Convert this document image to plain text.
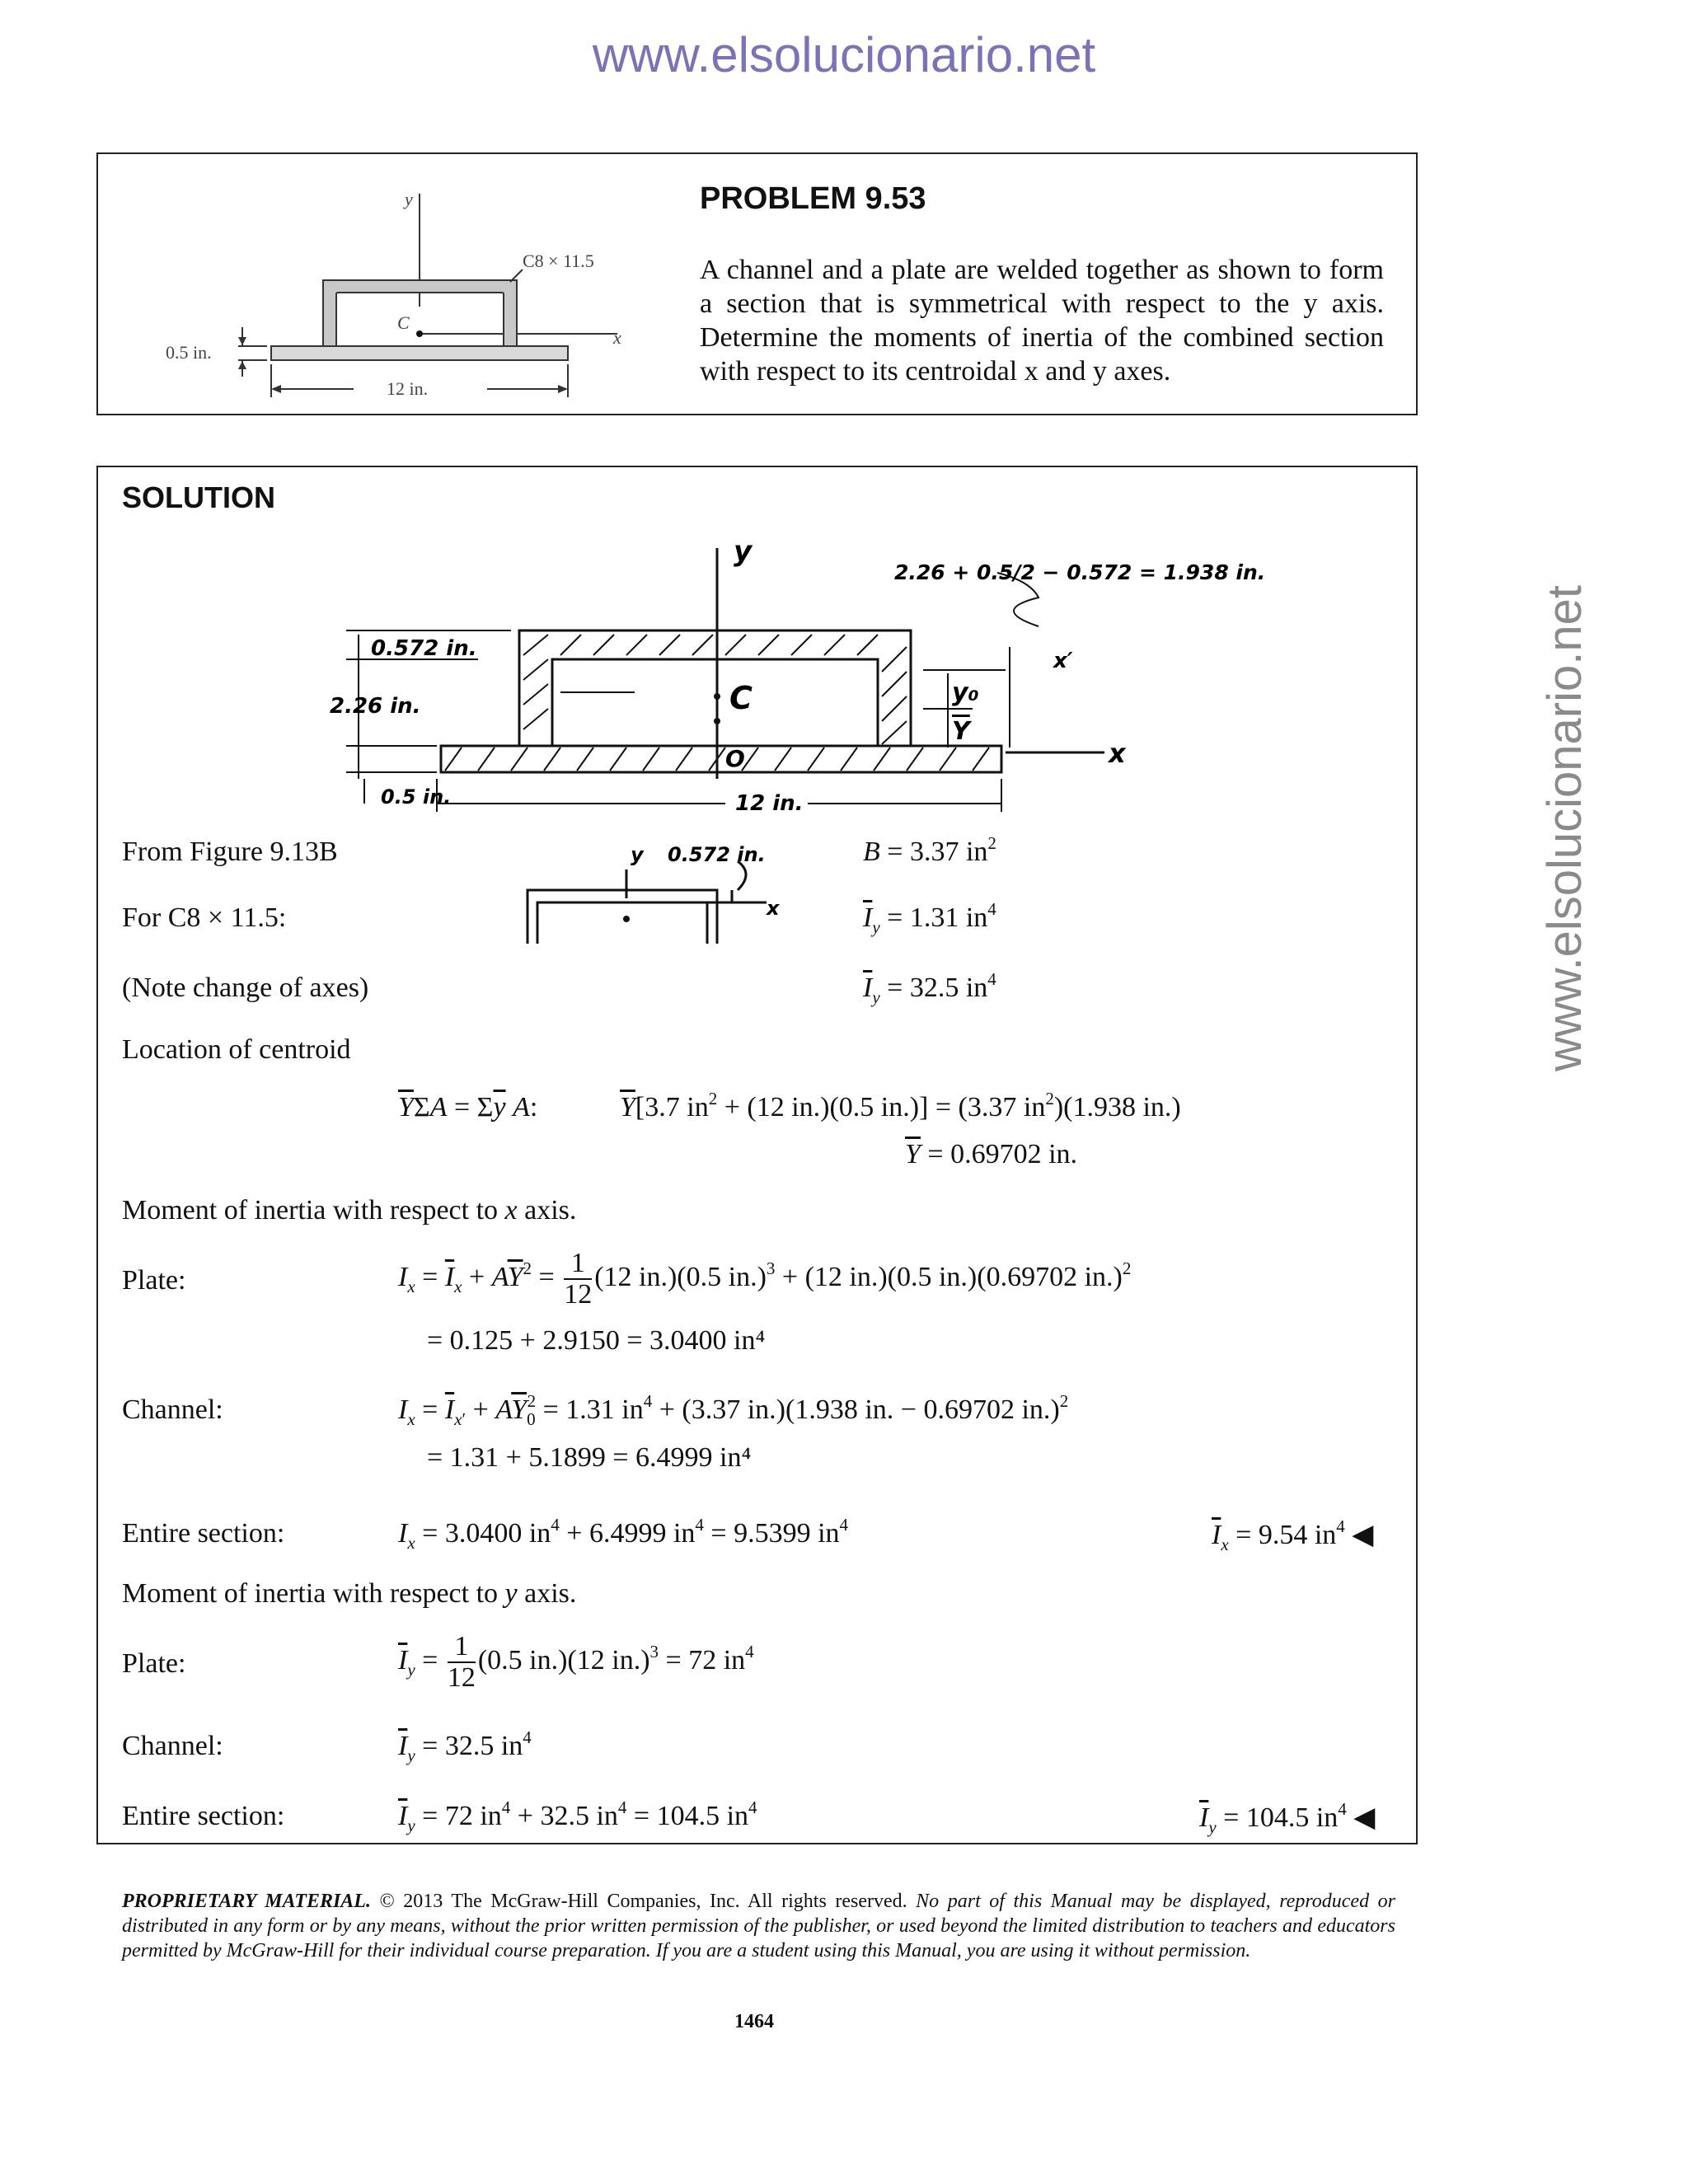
www.elsolucionario.net
www.elsolucionario.net
y
C
x
C8 × 11.5
0.5 in.
12 in.
PROBLEM 9.53
A channel and a plate are welded together as shown to form a section that is symmetrical with respect to the y axis. Determine the moments of inertia of the combined section with respect to its centroidal x and y axes.
SOLUTION
y
C
O	x
y₀
Y
x′
0.572 in.
2.26 in.
0.5 in.	12 in.
2.26 + 0.5/2 − 0.572 = 1.938 in.
From Figure 9.13B	B = 3.37 $in^2$
y 0.572 in.
x
For C8 × 11.5:	$\overline{I}_y = 1.31$ $in^4$
(Note change of axes)	$\overline{I}_y = 32.5$ $in^4$
Location of centroid
$\overline{Y}\Sigma A = \Sigma\overline{y}$ A:	$\overline{Y}[3.7$ $in^2 + (12$ in.)(0.5 in.)] = (3.37 $in^2)(1.938$ in.)
$\overline{Y} = 0.69702$ in.
Moment of inertia with respect to x axis.
Plate:	$I_x = \overline{I}_x + A\overline{Y}^2 = \frac{1}{12} (12$ in.)(0.5 in.)$^3$ + (12 in.)(0.5 in.)(0.69702 in.)$^2$
= 0.125 + 2.9150 = 3.0400 in⁴
Channel:	$I_x = \overline{I}_{x'} + A\overline{Y}_0^2 = 1.31$ $in^4 + (3.37$ in.)(1.938 in. − 0.69702 in.)$^2$
= 1.31 + 5.1899 = 6.4999 in⁴
Entire section:	$I_x = 3.0400$ $in^4 + 6.4999$ $in^4 = 9.5399$ $in^4$	$\overline{I}_x = 9.54$ $in^4$ ◀
Moment of inertia with respect to y axis.
Plate:	$\overline{I}_y = \frac{1}{12} (0.5$ in.)(12 in.)$^3$ = 72 $in^4$
Channel:	$\overline{I}_y = 32.5$ $in^4$
Entire section:	$\overline{I}_y = 72$ $in^4 + 32.5$ $in^4 = 104.5$ $in^4$	$\overline{I}_y = 104.5$ $in^4$ ◀
PROPRIETARY MATERIAL. © 2013 The McGraw-Hill Companies, Inc. All rights reserved. No part of this Manual may be displayed, reproduced or distributed in any form or by any means, without the prior written permission of the publisher, or used beyond the limited distribution to teachers and educators permitted by McGraw-Hill for their individual course preparation. If you are a student using this Manual, you are using it without permission.
1464
